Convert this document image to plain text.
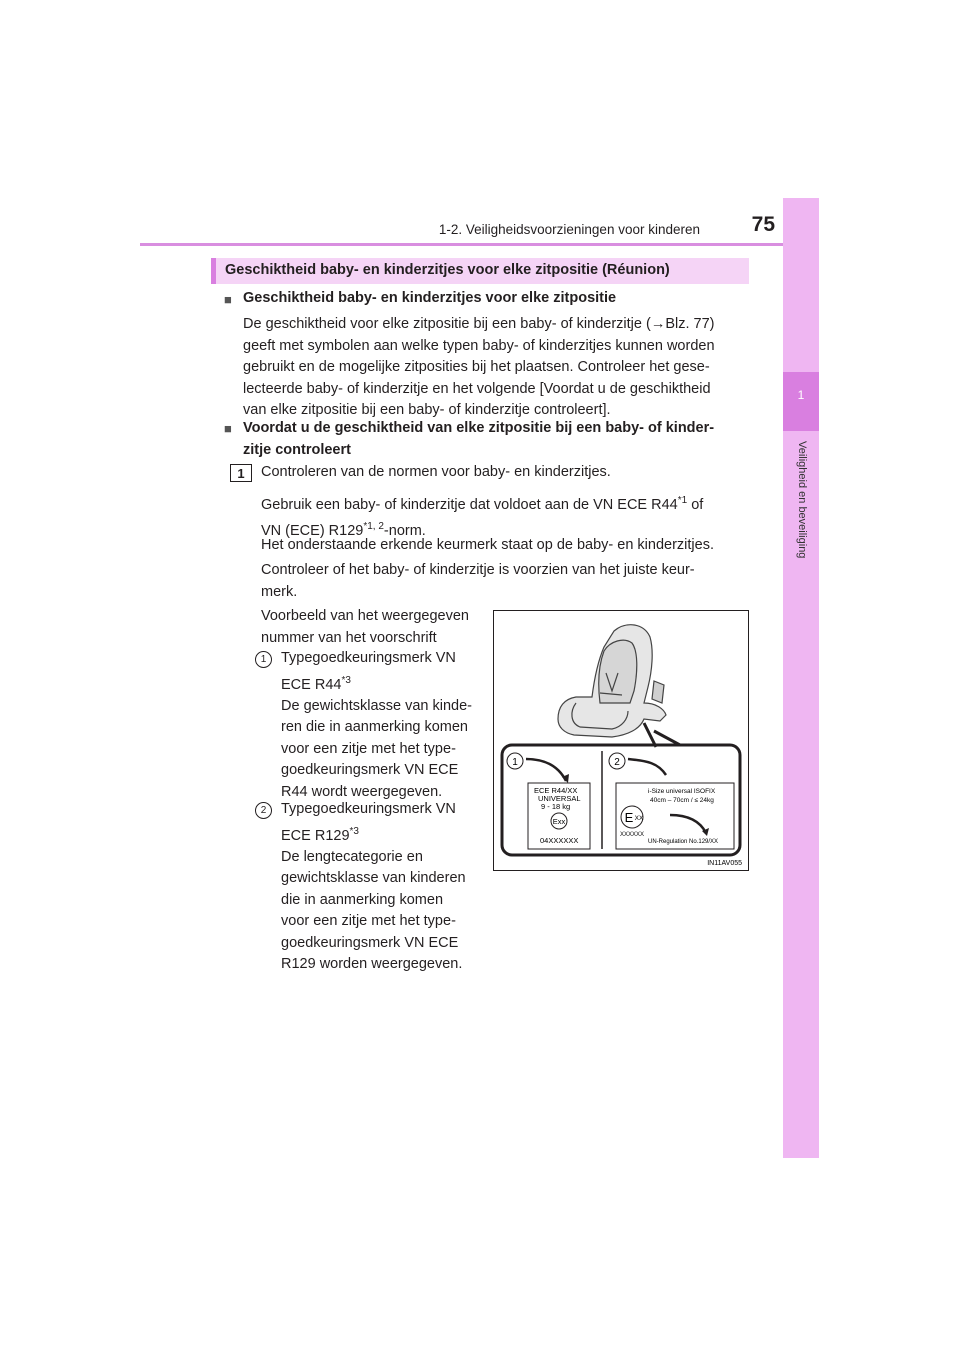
1-2. Veiligheidsvoorzieningen voor kinderen	75
1
Veiligheid en beveiliging
Geschiktheid baby- en kinderzitjes voor elke zitpositie (Réunion)
■ Geschiktheid baby- en kinderzitjes voor elke zitpositie
De geschiktheid voor elke zitpositie bij een baby- of kinderzitje (→Blz. 77)
geeft met symbolen aan welke typen baby- of kinderzitjes kunnen worden
gebruikt en de mogelijke zitposities bij het plaatsen. Controleer het gese-
lecteerde baby- of kinderzitje en het volgende [Voordat u de geschiktheid
van elke zitpositie bij een baby- of kinderzitje controleert].
■ Voordat u de geschiktheid van elke zitpositie bij een baby- of kinder-
zitje controleert
1	Controleren van de normen voor baby- en kinderzitjes.
Gebruik een baby- of kinderzitje dat voldoet aan de VN ECE R44$^{*1}$ of
VN (ECE) R129$^{*1, 2}$-norm.
Het onderstaande erkende keurmerk staat op de baby- en kinderzitjes.
Controleer of het baby- of kinderzitje is voorzien van het juiste keur-
merk.
Voorbeeld van het weergegeven
nummer van het voorschrift
1	Typegoedkeuringsmerk VN
ECE R44$^{*3}$
De gewichtsklasse van kinde-
ren die in aanmerking komen
voor een zitje met het type-
goedkeuringsmerk VN ECE
R44 wordt weergegeven.
2	Typegoedkeuringsmerk VN
ECE R129$^{*3}$
De lengtecategorie en
gewichtsklasse van kinderen
die in aanmerking komen
voor een zitje met het type-
goedkeuringsmerk VN ECE
R129 worden weergegeven.
1	2
ECE R44/XX
UNIVERSAL
9 - 18 kg
Exx
04XXXXXX
i-Size universal ISOFIX
40cm – 70cm / ≤ 24kg
E XX
XXXXXX
UN-Regulation No.129/XX
IN11AV055
